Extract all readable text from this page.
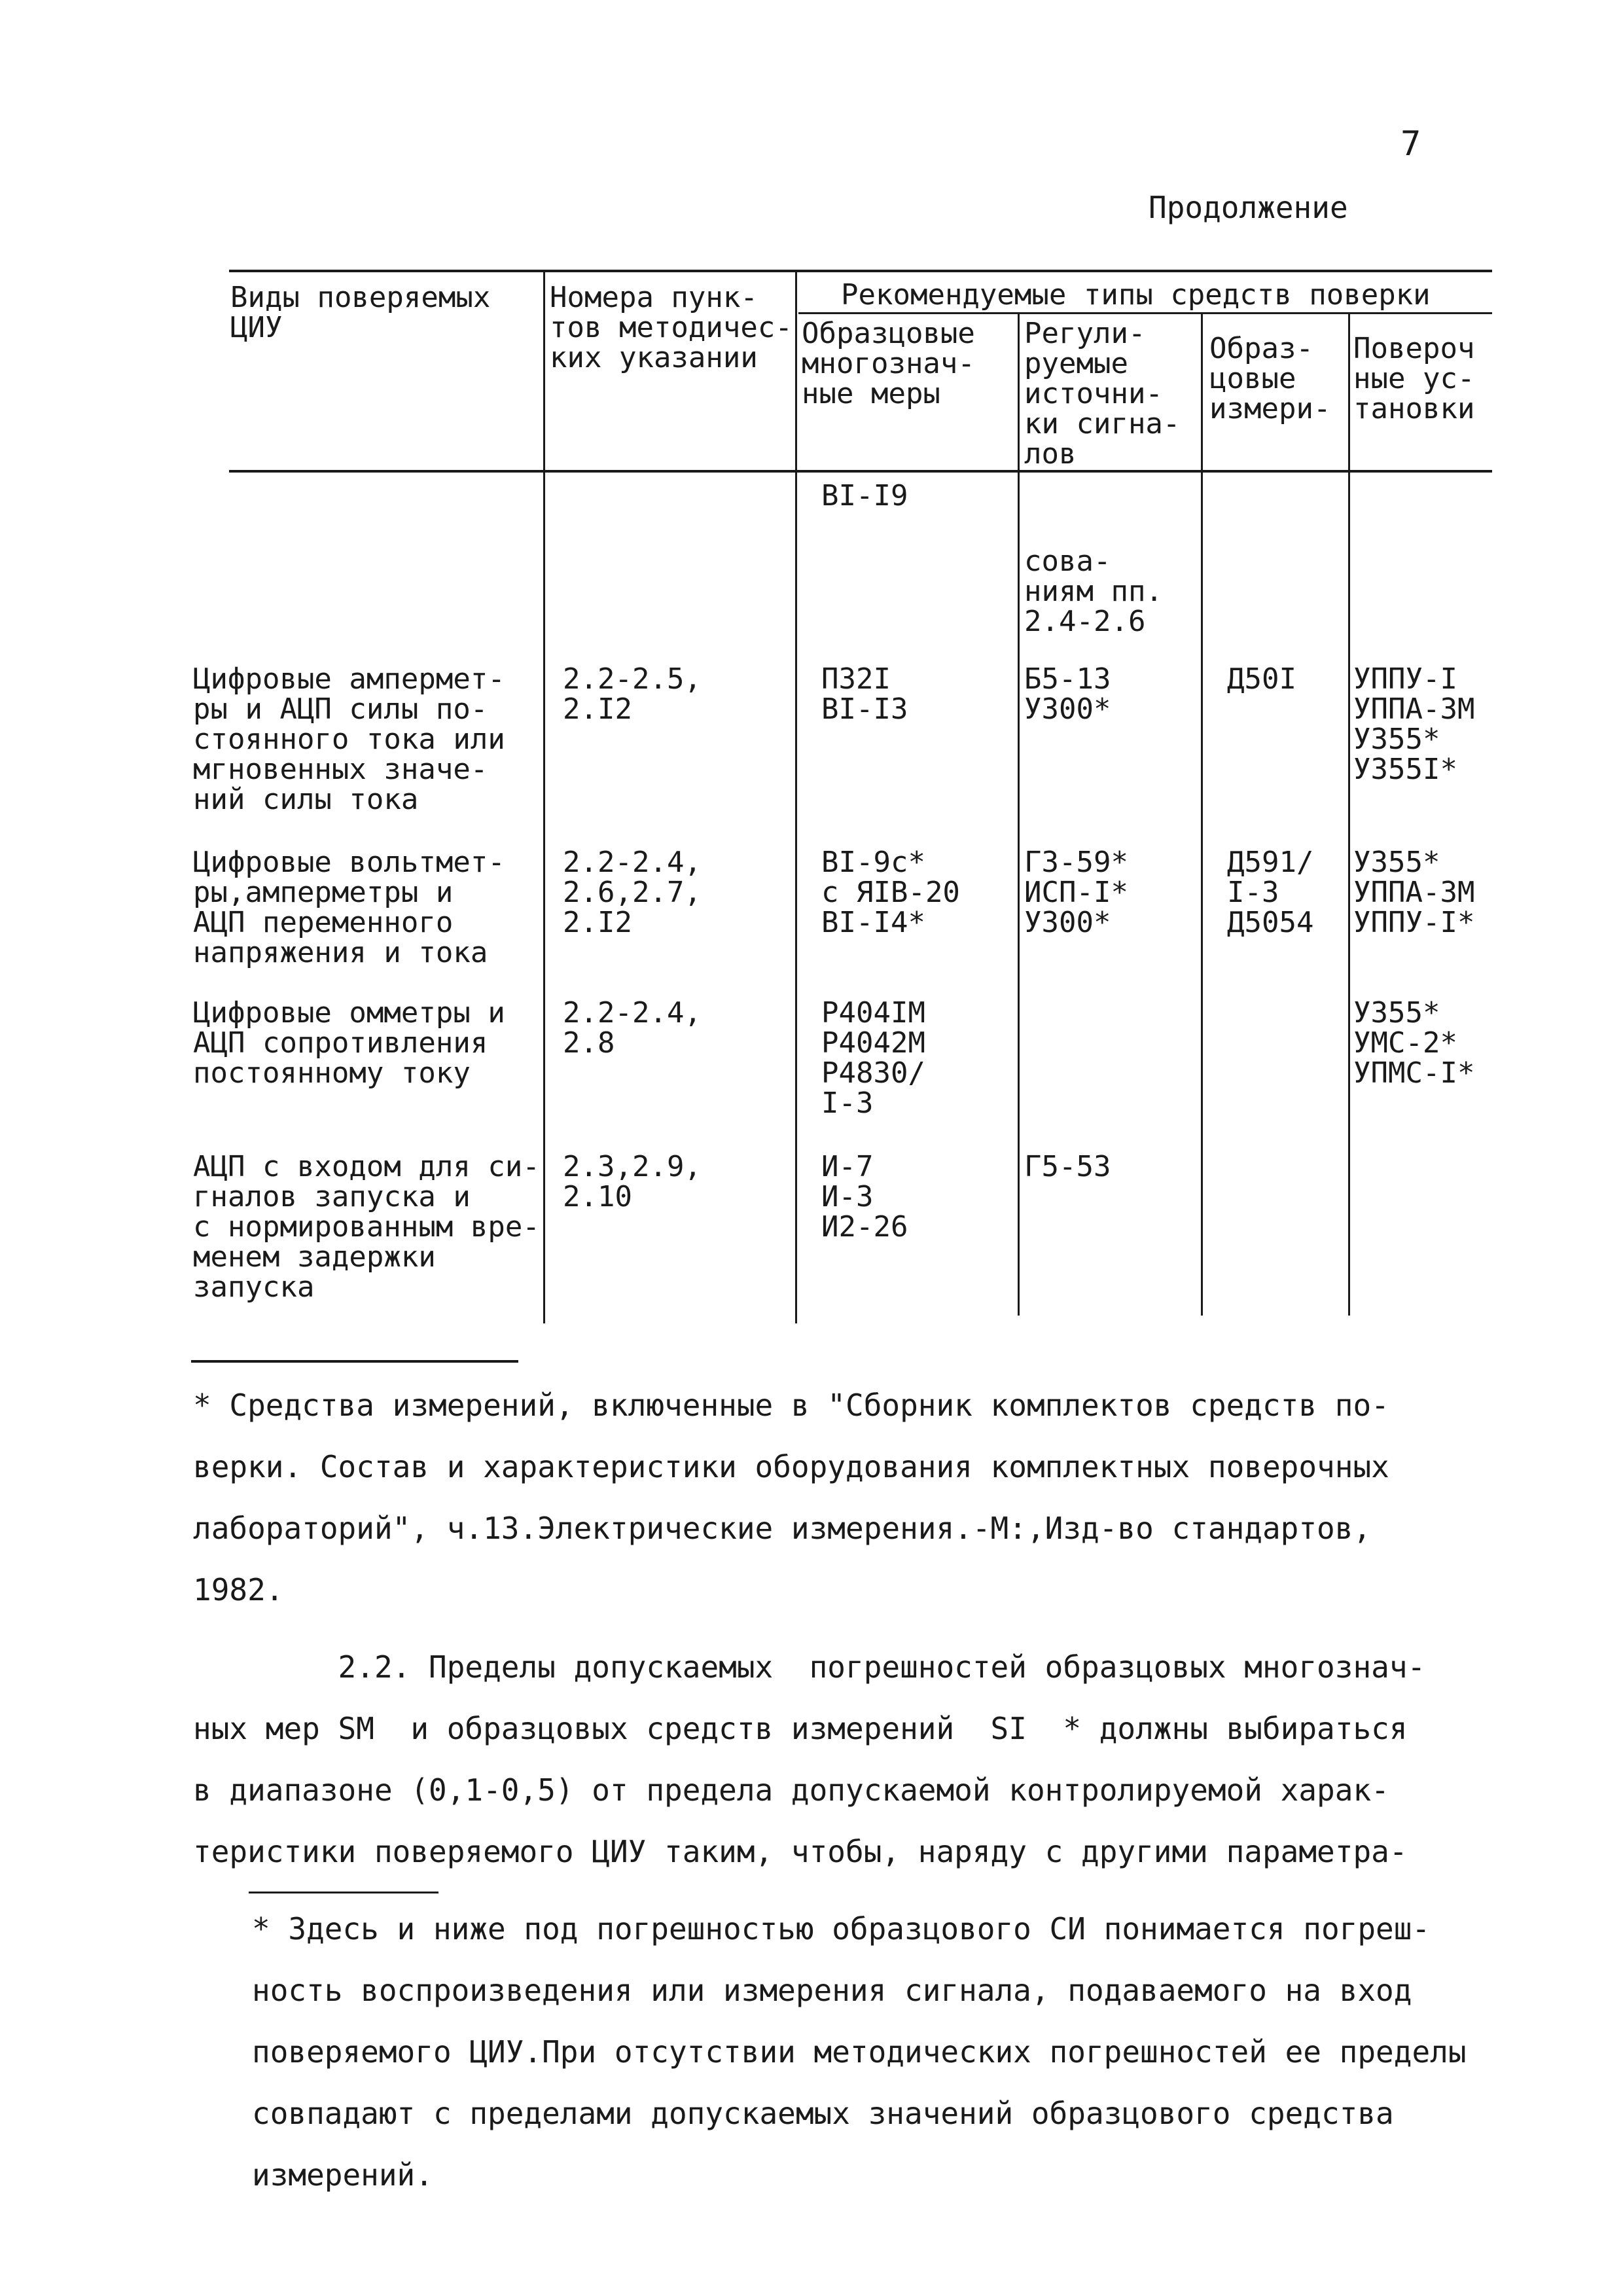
7
Продолжение
Виды поверяемых
ЦИУ
Номера пунк-
тов методичес-
ких указании
Рекомендуемые типы средств поверки
Образцовые
многознач-
ные меры
Регули-
руемые
источни-
ки сигна-
лов
Образ-
цовые
измери-
Повероч
ные ус-
тановки
BI-I9
сова-
ниям пп.
2.4-2.6
Цифровые ампермет-
ры и АЦП силы по-
стоянного тока или
мгновенных значе-
ний силы тока
2.2-2.5,
2.I2
ПЗ2I
BI-I3
Б5-13
У300*
Д50I УППУ-I
УППА-ЗМ
У355*
У355I*
Цифровые вольтмет-
ры,амперметры и
АЦП переменного
напряжения и тока
2.2-2.4,
2.6,2.7,
2.I2
BI-9c*
с ЯIВ-20
BI-I4*
Г3-59*
ИСП-I*
У300*
Д591/
I-3
Д5054
У355*
УППА-ЗМ
УППУ-I*
Цифровые омметры и
АЦП сопротивления
постоянному току
2.2-2.4,
2.8
Р404IМ
Р4042М
Р4830/
I-3
У355*
УМС-2*
УПМС-I*
АЦП с входом для си-
гналов запуска и
с нормированным вре-
менем задержки
запуска
2.3,2.9,
2.10
И-7
И-3
И2-26
Г5-53
* Средства измерений, включенные в "Сборник комплектов средств по-
верки. Состав и характеристики оборудования комплектных поверочных
лабораторий", ч.13.Электрические измерения.-М:,Изд-во стандартов,
1982.
2.2. Пределы допускаемых  погрешностей образцовых многознач-
ных мер SM  и образцовых средств измерений  SI  * должны выбираться
в диапазоне (0,1-0,5) от предела допускаемой контролируемой харак-
теристики поверяемого ЦИУ таким, чтобы, наряду с другими параметра-
* Здесь и ниже под погрешностью образцового СИ понимается погреш-
ность воспроизведения или измерения сигнала, подаваемого на вход
поверяемого ЦИУ.При отсутствии методических погрешностей ее пределы
совпадают с пределами допускаемых значений образцового средства
измерений.
